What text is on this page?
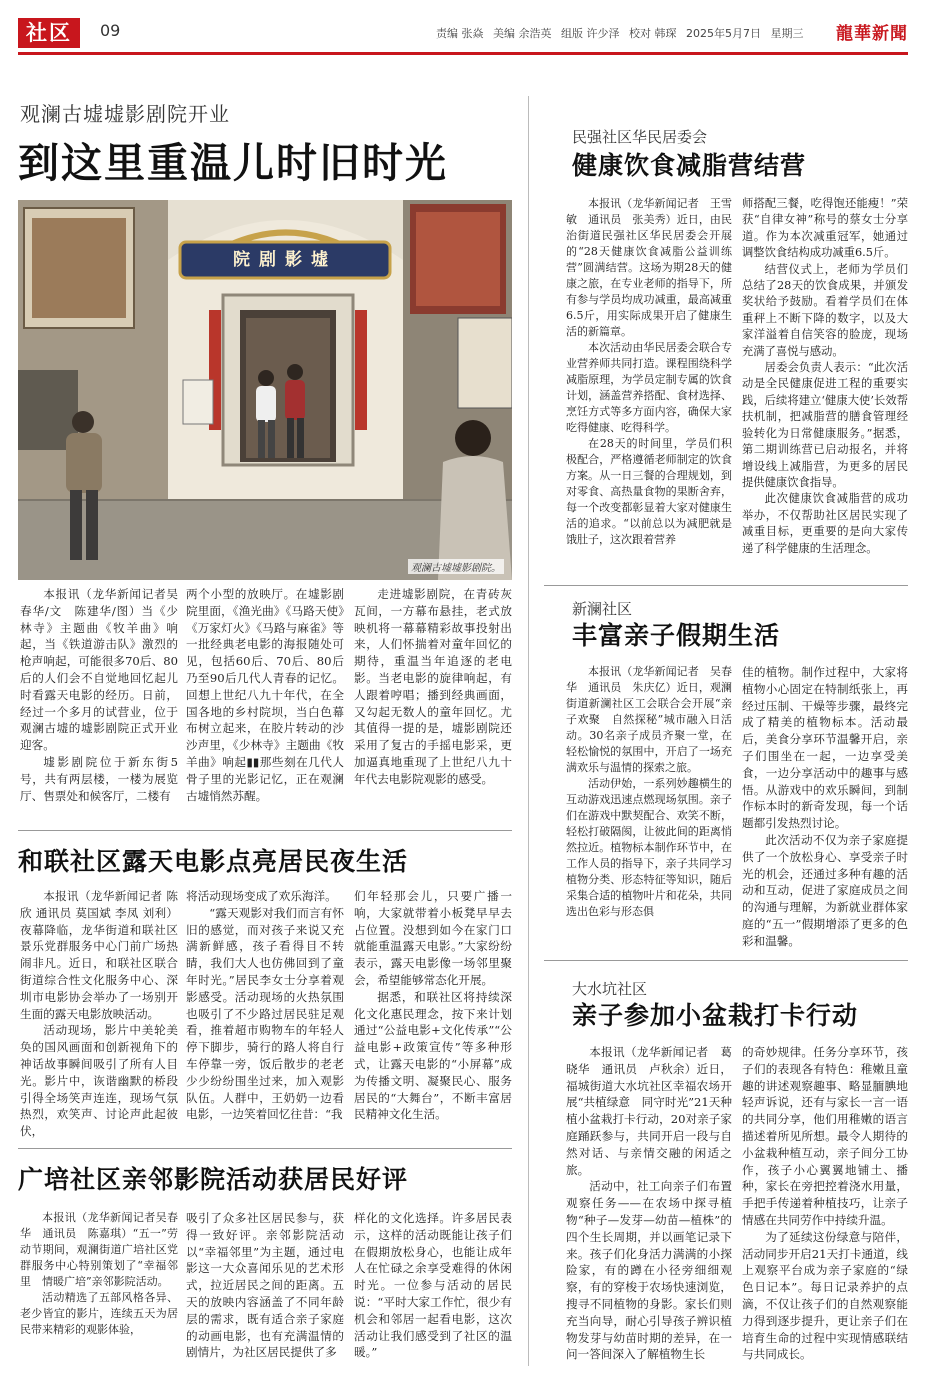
社区	09	责编 张焱 美编 余浩英 组版 许少泽 校对 韩琛 2025年5月7日 星期三	龍華新聞
观澜古墟墟影剧院开业
到这里重温儿时旧时光
院剧影墟
观澜古墟墟影剧院。

本报讯（龙华新闻记者吴春华/文　陈建华/图）当《少林寺》主题曲《牧羊曲》响起，当《铁道游击队》激烈的枪声响起，可能很多70后、80后的人们会不自觉地回忆起儿时看露天电影的经历。日前，经过一个多月的试营业，位于观澜古墟的墟影剧院正式开业迎客。

墟影剧院位于新东街5号，共有两层楼，一楼为展览厅、售票处和候客厅，二楼有

两个小型的放映厅。在墟影剧院里面，《渔光曲》《马路天使》《万家灯火》《马路与麻雀》等一批经典老电影的海报随处可见，包括60后、70后、80后乃至90后几代人青春的记忆。回想上世纪八九十年代，在全国各地的乡村院坝，当白色幕布树立起来，在胶片转动的沙沙声里，《少林寺》主题曲《牧羊曲》响起▮▮那些刻在几代人骨子里的光影记忆，正在观澜古墟悄然苏醒。

走进墟影剧院，在青砖灰瓦间，一方幕布悬挂，老式放映机将一幕幕精彩故事投射出来，人们怀揣着对童年回忆的期待，重温当年追逐的老电影。当老电影的旋律响起，有人跟着哼唱；播到经典画面，又勾起无数人的童年回忆。尤其值得一提的是，墟影剧院还采用了复古的手摇电影采，更加逼真地重现了上世纪八九十年代去电影院观影的感受。

和联社区露天电影点亮居民夜生活

本报讯（龙华新闻记者 陈欣 通讯员 莫国斌 李凤 刘利）夜幕降临，龙华街道和联社区景乐党群服务中心门前广场热闹非凡。近日，和联社区联合街道综合性文化服务中心、深圳市电影协会举办了一场别开生面的露天电影放映活动。

活动现场，影片中美轮美奂的国风画面和创新视角下的神话故事瞬间吸引了所有人目光。影片中，诙谐幽默的桥段引得全场笑声连连，现场气氛热烈，欢笑声、讨论声此起彼伏，

将活动现场变成了欢乐海洋。

“露天观影对我们而言有怀旧的感觉，而对孩子来说又充满新鲜感，孩子看得目不转睛，我们大人也仿佛回到了童年时光。”居民李女士分享着观影感受。活动现场的火热氛围也吸引了不少路过居民驻足观看，推着超市购物车的年轻人停下脚步，骑行的路人将自行车停靠一旁，饭后散步的老老少少纷纷围坐过来，加入观影队伍。人群中，王奶奶一边看电影，一边笑着回忆往昔：“我

们年轻那会儿，只要广播一响，大家就带着小板凳早早去占位置。没想到如今在家门口就能重温露天电影。”大家纷纷表示，露天电影像一场邻里聚会，希望能够常态化开展。

据悉，和联社区将持续深化文化惠民理念，按下来计划通过“公益电影+文化传承”“公益电影+政策宣传”等多种形式，让露天电影的“小屏幕”成为传播文明、凝聚民心、服务居民的“大舞台”，不断丰富居民精神文化生活。

广培社区亲邻影院活动获居民好评

本报讯（龙华新闻记者吴春华　通讯员　陈嘉琪）“五一”劳动节期间，观澜街道广培社区党群服务中心特别策划了“幸福邻里　情暖广培”亲邻影院活动。

活动精选了五部风格各异、老少皆宜的影片，连续五天为居民带来精彩的观影体验，

吸引了众多社区居民参与，获得一致好评。亲邻影院活动以“幸福邻里”为主题，通过电影这一大众喜闻乐见的艺术形式，拉近居民之间的距离。五天的放映内容涵盖了不同年龄层的需求，既有适合亲子家庭的动画电影，也有充满温情的剧情片，为社区居民提供了多

样化的文化选择。许多居民表示，这样的活动既能让孩子们在假期放松身心，也能让成年人在忙碌之余享受难得的休闲时光。一位参与活动的居民说：“平时大家工作忙，很少有机会和邻居一起看电影，这次活动让我们感受到了社区的温暖。”

民强社区华民居委会
健康饮食减脂营结营

本报讯（龙华新闻记者　王雪敏　通讯员　张美秀）近日，由民治街道民强社区华民居委会开展的“28天健康饮食减脂公益训练营”圆满结营。这场为期28天的健康之旅，在专业老师的指导下，所有参与学员均成功减重，最高减重6.5斤，用实际成果开启了健康生活的新篇章。

本次活动由华民居委会联合专业营养师共同打造。课程围绕科学减脂原理，为学员定制专属的饮食计划，涵盖营养搭配、食材选择、烹饪方式等多方面内容，确保大家吃得健康、吃得科学。

在28天的时间里，学员们积极配合，严格遵循老师制定的饮食方案。从一日三餐的合理规划，到对零食、高热量食物的果断舍弃，每一个改变都彰显着大家对健康生活的追求。“以前总以为减肥就是饿肚子，这次跟着营养

师搭配三餐，吃得饱还能瘦！”荣获“自律女神”称号的蔡女士分享道。作为本次减重冠军，她通过调整饮食结构成功减重6.5斤。

结营仪式上，老师为学员们总结了28天的饮食成果，并颁发奖状给予鼓励。看着学员们在体重秤上不断下降的数字，以及大家洋溢着自信笑容的脸庞，现场充满了喜悦与感动。

居委会负责人表示：“此次活动是全民健康促进工程的重要实践，后续将建立‘健康大使’长效帮扶机制，把减脂营的膳食管理经验转化为日常健康服务。”据悉，第二期训练营已启动报名，并将增设线上减脂营，为更多的居民提供健康饮食指导。

此次健康饮食减脂营的成功举办，不仅帮助社区居民实现了减重目标，更重要的是向大家传递了科学健康的生活理念。

新澜社区
丰富亲子假期生活

本报讯（龙华新闻记者　吴春华　通讯员　朱庆亿）近日，观澜街道新澜社区工会联合会开展“亲子欢聚　自然探秘”城市融入日活动。30名亲子成员齐聚一堂，在轻松愉悦的氛围中，开启了一场充满欢乐与温情的探索之旅。

活动伊始，一系列妙趣横生的互动游戏迅速点燃现场氛围。亲子们在游戏中默契配合、欢笑不断，轻松打破隔阂，让彼此间的距离悄然拉近。植物标本制作环节中，在工作人员的指导下，亲子共同学习植物分类、形态特征等知识，随后采集合适的植物叶片和花朵，共同选出色彩与形态俱

佳的植物。制作过程中，大家将植物小心固定在特制纸张上，再经过压制、干燥等步骤，最终完成了精美的植物标本。活动最后，美食分享环节温馨开启，亲子们围坐在一起，一边享受美食，一边分享活动中的趣事与感悟。从游戏中的欢乐瞬间，到制作标本时的新奇发现，每一个话题都引发热烈讨论。

此次活动不仅为亲子家庭提供了一个放松身心、享受亲子时光的机会，还通过多种有趣的活动和互动，促进了家庭成员之间的沟通与理解，为新就业群体家庭的“五一”假期增添了更多的色彩和温馨。

大水坑社区
亲子参加小盆栽打卡行动

本报讯（龙华新闻记者　葛晓华　通讯员　卢秋余）近日，福城街道大水坑社区幸福农场开展“共植绿意　同守时光”21天种植小盆栽打卡行动，20对亲子家庭踊跃参与，共同开启一段与自然对话、与亲情交融的闲适之旅。

活动中，社工向亲子们布置观察任务——在农场中探寻植物“种子—发芽—幼苗—植株”的四个生长周期，并以画笔记录下来。孩子们化身活力满满的小探险家，有的蹲在小径旁细细观察，有的穿梭于农场快速浏览，搜寻不同植物的身影。家长们则充当向导，耐心引导孩子辨识植物发芽与幼苗时期的差异，在一问一答间深入了解植物生长

的奇妙规律。任务分享环节，孩子们的表现各有特色：稚嫩且童趣的讲述观察趣事、略显腼腆地轻声诉说，还有与家长一言一语的共同分享，他们用稚嫩的语言描述着所见所想。最令人期待的小盆栽种植互动，亲子间分工协作，孩子小心翼翼地铺土、播种，家长在旁把控着浇水用量，手把手传递着种植技巧，让亲子情感在共同劳作中持续升温。

为了延续这份绿意与陪伴，活动同步开启21天打卡通道，线上观察平台成为亲子家庭的“绿色日记本”。每日记录养护的点滴，不仅让孩子们的自然观察能力得到逐步提升，更让亲子们在培育生命的过程中实现情感联结与共同成长。
